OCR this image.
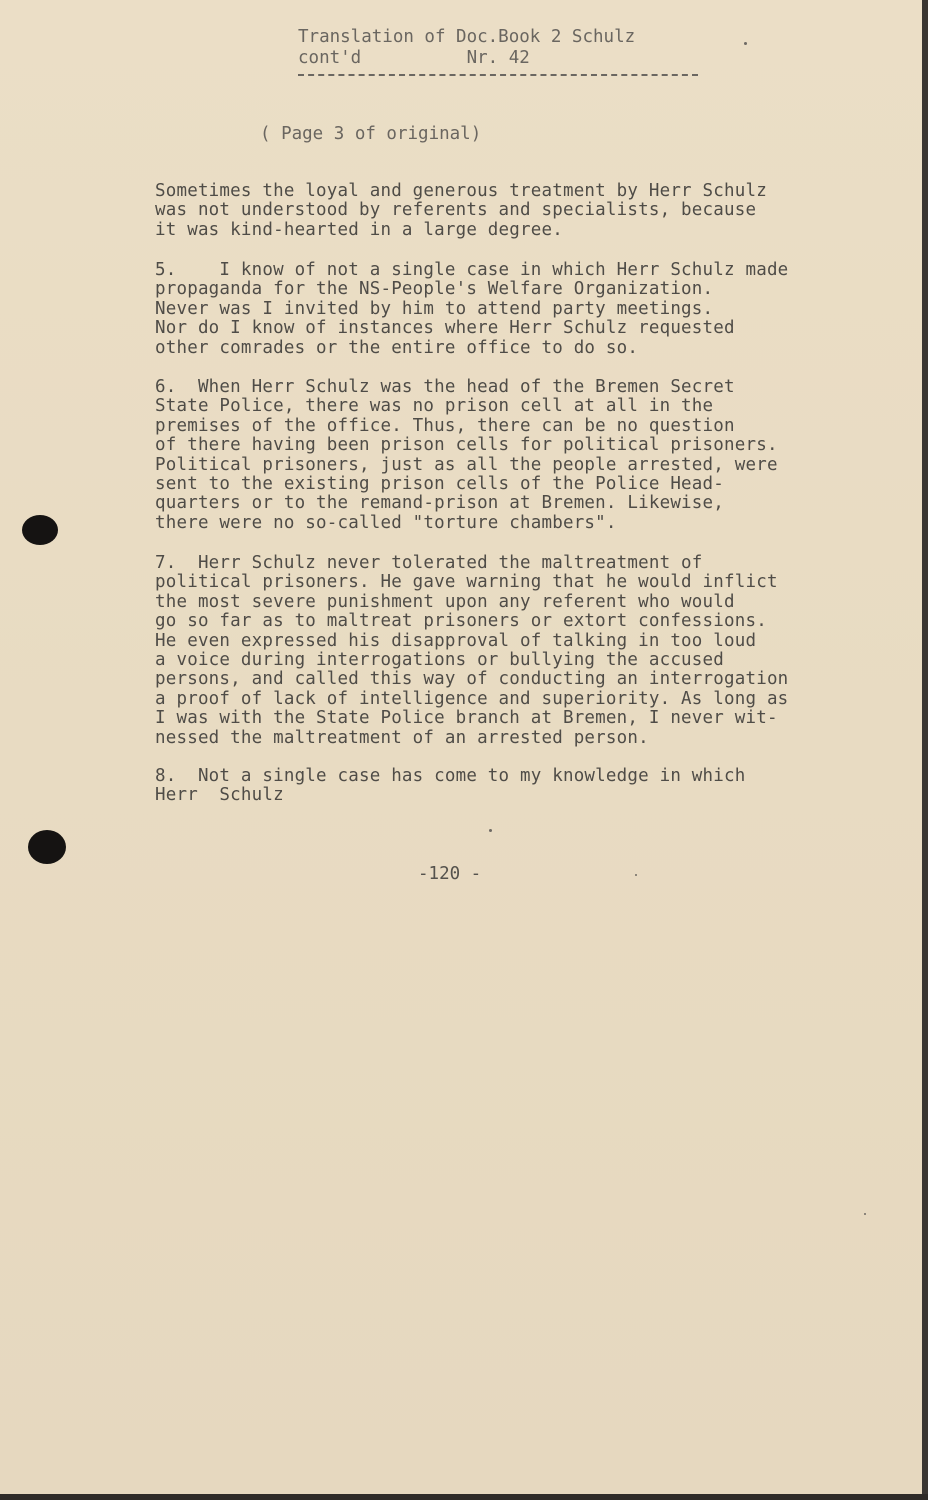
Translation of Doc.Book 2 Schulz
cont'd          Nr. 42
( Page 3 of original)
Sometimes the loyal and generous treatment by Herr Schulz
was not understood by referents and specialists, because
it was kind-hearted in a large degree.
5.    I know of not a single case in which Herr Schulz made
propaganda for the NS-People's Welfare Organization.
Never was I invited by him to attend party meetings.
Nor do I know of instances where Herr Schulz requested
other comrades or the entire office to do so.
6.  When Herr Schulz was the head of the Bremen Secret
State Police, there was no prison cell at all in the
premises of the office. Thus, there can be no question
of there having been prison cells for political prisoners.
Political prisoners, just as all the people arrested, were
sent to the existing prison cells of the Police Head-
quarters or to the remand-prison at Bremen. Likewise,
there were no so-called "torture chambers".
7.  Herr Schulz never tolerated the maltreatment of
political prisoners. He gave warning that he would inflict
the most severe punishment upon any referent who would
go so far as to maltreat prisoners or extort confessions.
He even expressed his disapproval of talking in too loud
a voice during interrogations or bullying the accused
persons, and called this way of conducting an interrogation
a proof of lack of intelligence and superiority. As long as
I was with the State Police branch at Bremen, I never wit-
nessed the maltreatment of an arrested person.
8.  Not a single case has come to my knowledge in which
Herr  Schulz
-120 -
